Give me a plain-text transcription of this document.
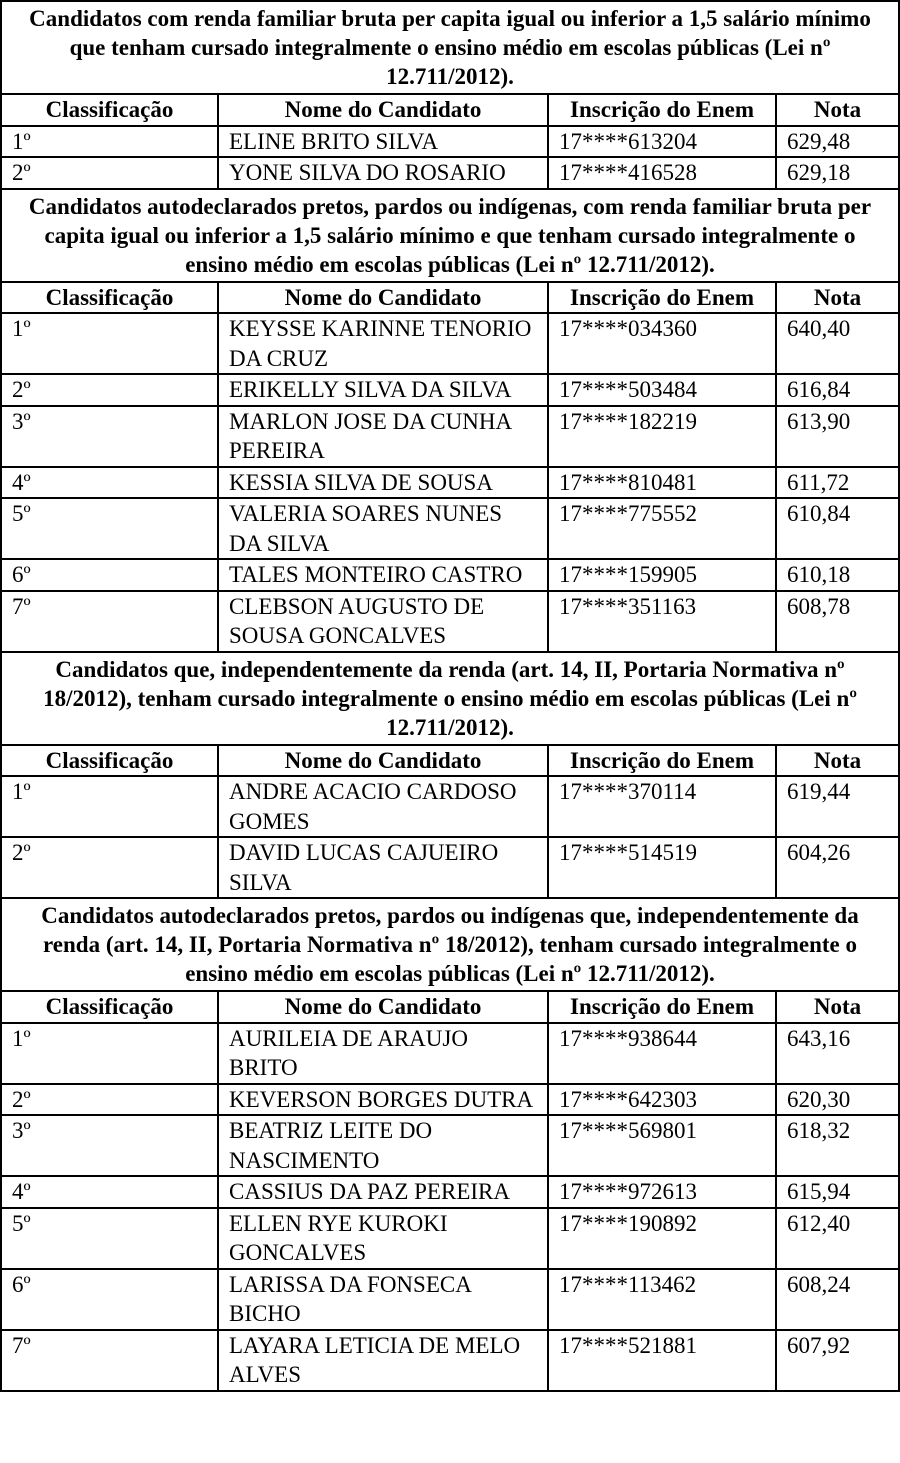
Candidatos com renda familiar bruta per capita igual ou inferior a 1,5 salário mínimo que tenham cursado integralmente o ensino médio em escolas públicas (Lei nº 12.711/2012).
Classificação	Nome do Candidato	Inscrição do Enem	Nota
1º	ELINE BRITO SILVA	17****613204	629,48
2º	YONE SILVA DO ROSARIO	17****416528	629,18
Candidatos autodeclarados pretos, pardos ou indígenas, com renda familiar bruta per capita igual ou inferior a 1,5 salário mínimo e que tenham cursado integralmente o ensino médio em escolas públicas (Lei nº 12.711/2012).
Classificação	Nome do Candidato	Inscrição do Enem	Nota
1º	KEYSSE KARINNE TENORIO DA CRUZ	17****034360	640,40
2º	ERIKELLY SILVA DA SILVA	17****503484	616,84
3º	MARLON JOSE DA CUNHA PEREIRA	17****182219	613,90
4º	KESSIA SILVA DE SOUSA	17****810481	611,72
5º	VALERIA SOARES NUNES DA SILVA	17****775552	610,84
6º	TALES MONTEIRO CASTRO	17****159905	610,18
7º	CLEBSON AUGUSTO DE SOUSA GONCALVES	17****351163	608,78
Candidatos que, independentemente da renda (art. 14, II, Portaria Normativa nº 18/2012), tenham cursado integralmente o ensino médio em escolas públicas (Lei nº 12.711/2012).
Classificação	Nome do Candidato	Inscrição do Enem	Nota
1º	ANDRE ACACIO CARDOSO GOMES	17****370114	619,44
2º	DAVID LUCAS CAJUEIRO SILVA	17****514519	604,26
Candidatos autodeclarados pretos, pardos ou indígenas que, independentemente da renda (art. 14, II, Portaria Normativa nº 18/2012), tenham cursado integralmente o ensino médio em escolas públicas (Lei nº 12.711/2012).
Classificação	Nome do Candidato	Inscrição do Enem	Nota
1º	AURILEIA DE ARAUJO BRITO	17****938644	643,16
2º	KEVERSON BORGES DUTRA	17****642303	620,30
3º	BEATRIZ LEITE DO NASCIMENTO	17****569801	618,32
4º	CASSIUS DA PAZ PEREIRA	17****972613	615,94
5º	ELLEN RYE KUROKI GONCALVES	17****190892	612,40
6º	LARISSA DA FONSECA BICHO	17****113462	608,24
7º	LAYARA LETICIA DE MELO ALVES	17****521881	607,92
